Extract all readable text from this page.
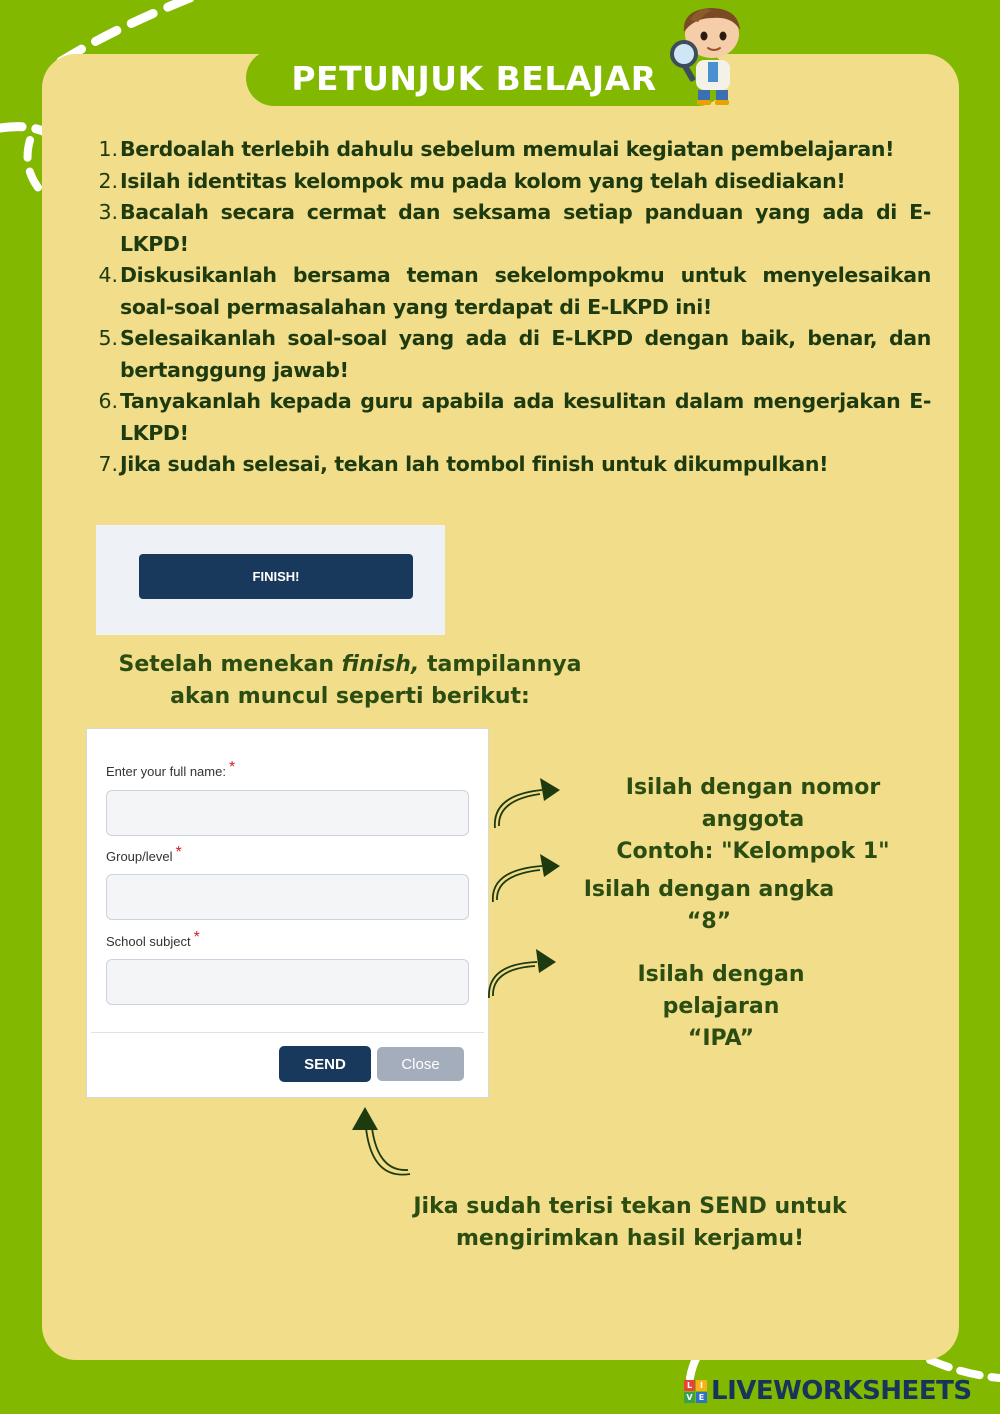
PETUNJUK BELAJAR
1. Berdoalah terlebih dahulu sebelum memulai kegiatan pembelajaran!
2. Isilah identitas kelompok mu pada kolom yang telah disediakan!
3. Bacalah secara cermat dan seksama setiap panduan yang ada di E-LKPD!
4. Diskusikanlah bersama teman sekelompokmu untuk menyelesaikan soal-soal permasalahan yang terdapat di E-LKPD ini!
5. Selesaikanlah soal-soal yang ada di E-LKPD dengan baik, benar, dan bertanggung jawab!
6. Tanyakanlah kepada guru apabila ada kesulitan dalam mengerjakan E-LKPD!
7. Jika sudah selesai, tekan lah tombol finish untuk dikumpulkan!
FINISH!
Setelah menekan finish, tampilannya akan muncul seperti berikut:
Enter your full name: *
Group/level *
School subject *
SEND	Close
Isilah dengan nomor anggota
Contoh: "Kelompok 1"
Isilah dengan angka “8”
Isilah dengan pelajaran
“IPA”
Jika sudah terisi tekan SEND untuk
mengirimkan hasil kerjamu!
L I
V E LIVEWORKSHEETS
